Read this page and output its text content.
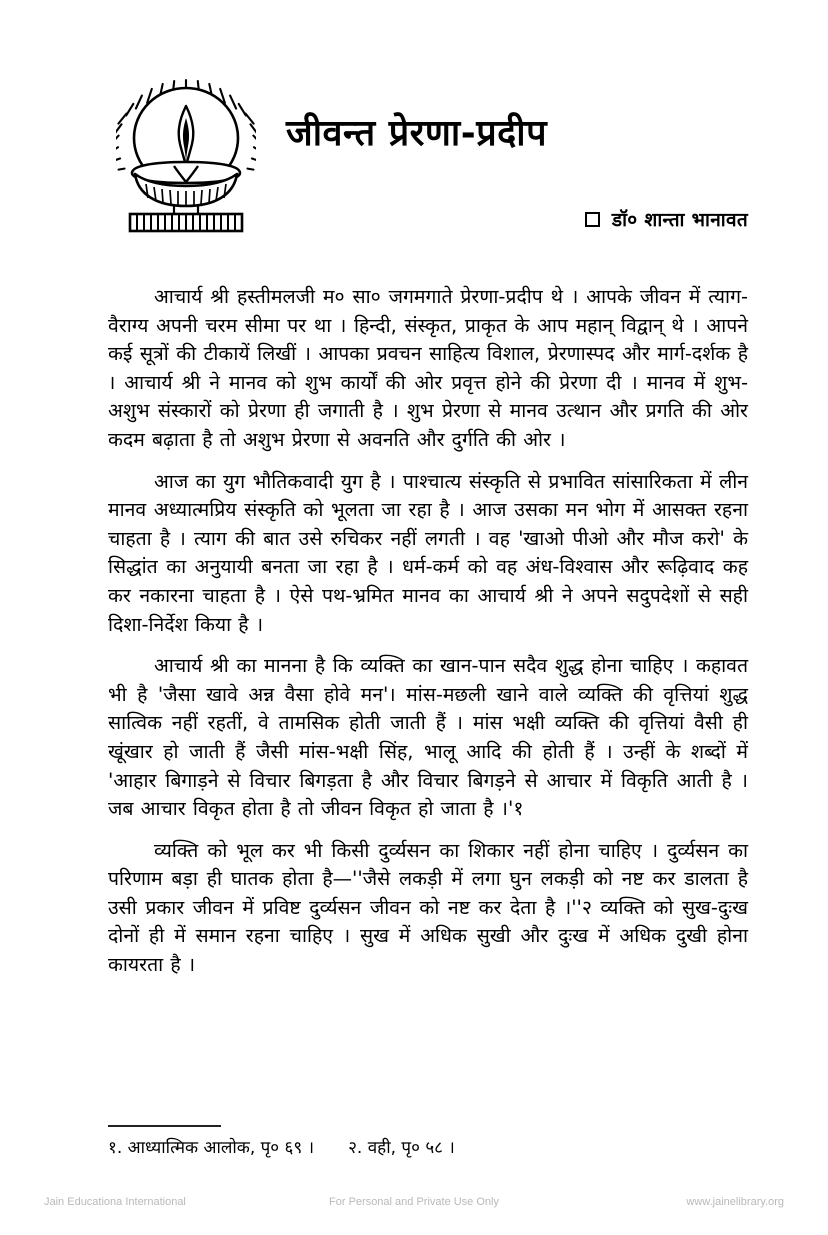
जीवन्त प्रेरणा-प्रदीप
डॉ० शान्ता भानावत

आचार्य श्री हस्तीमलजी म० सा० जगमगाते प्रेरणा-प्रदीप थे । आपके जीवन में त्याग-वैराग्य अपनी चरम सीमा पर था । हिन्दी, संस्कृत, प्राकृत के आप महान् विद्वान् थे । आपने कई सूत्रों की टीकायें लिखीं । आपका प्रवचन साहित्य विशाल, प्रेरणास्पद और मार्ग-दर्शक है । आचार्य श्री ने मानव को शुभ कार्यों की ओर प्रवृत्त होने की प्रेरणा दी । मानव में शुभ-अशुभ संस्कारों को प्रेरणा ही जगाती है । शुभ प्रेरणा से मानव उत्थान और प्रगति की ओर कदम बढ़ाता है तो अशुभ प्रेरणा से अवनति और दुर्गति की ओर ।

आज का युग भौतिकवादी युग है । पाश्चात्य संस्कृति से प्रभावित सांसारिकता में लीन मानव अध्यात्मप्रिय संस्कृति को भूलता जा रहा है । आज उसका मन भोग में आसक्त रहना चाहता है । त्याग की बात उसे रुचिकर नहीं लगती । वह 'खाओ पीओ और मौज करो' के सिद्धांत का अनुयायी बनता जा रहा है । धर्म-कर्म को वह अंध-विश्वास और रूढ़िवाद कह कर नकारना चाहता है । ऐसे पथ-भ्रमित मानव का आचार्य श्री ने अपने सदुपदेशों से सही दिशा-निर्देश किया है ।

आचार्य श्री का मानना है कि व्यक्ति का खान-पान सदैव शुद्ध होना चाहिए । कहावत भी है 'जैसा खावे अन्न वैसा होवे मन'। मांस-मछली खाने वाले व्यक्ति की वृत्तियां शुद्ध सात्विक नहीं रहतीं, वे तामसिक होती जाती हैं । मांस भक्षी व्यक्ति की वृत्तियां वैसी ही खूंखार हो जाती हैं जैसी मांस-भक्षी सिंह, भालू आदि की होती हैं । उन्हीं के शब्दों में 'आहार बिगाड़ने से विचार बिगड़ता है और विचार बिगड़ने से आचार में विकृति आती है । जब आचार विकृत होता है तो जीवन विकृत हो जाता है ।'१

व्यक्ति को भूल कर भी किसी दुर्व्यसन का शिकार नहीं होना चाहिए । दुर्व्यसन का परिणाम बड़ा ही घातक होता है—''जैसे लकड़ी में लगा घुन लकड़ी को नष्ट कर डालता है उसी प्रकार जीवन में प्रविष्ट दुर्व्यसन जीवन को नष्ट कर देता है ।''२ व्यक्ति को सुख-दुःख दोनों ही में समान रहना चाहिए । सुख में अधिक सुखी और दुःख में अधिक दुखी होना कायरता है ।

१. आध्यात्मिक आलोक, पृ० ६९ । २. वही, पृ० ५८ ।
Jain Educationa International	For Personal and Private Use Only	www.jainelibrary.org
